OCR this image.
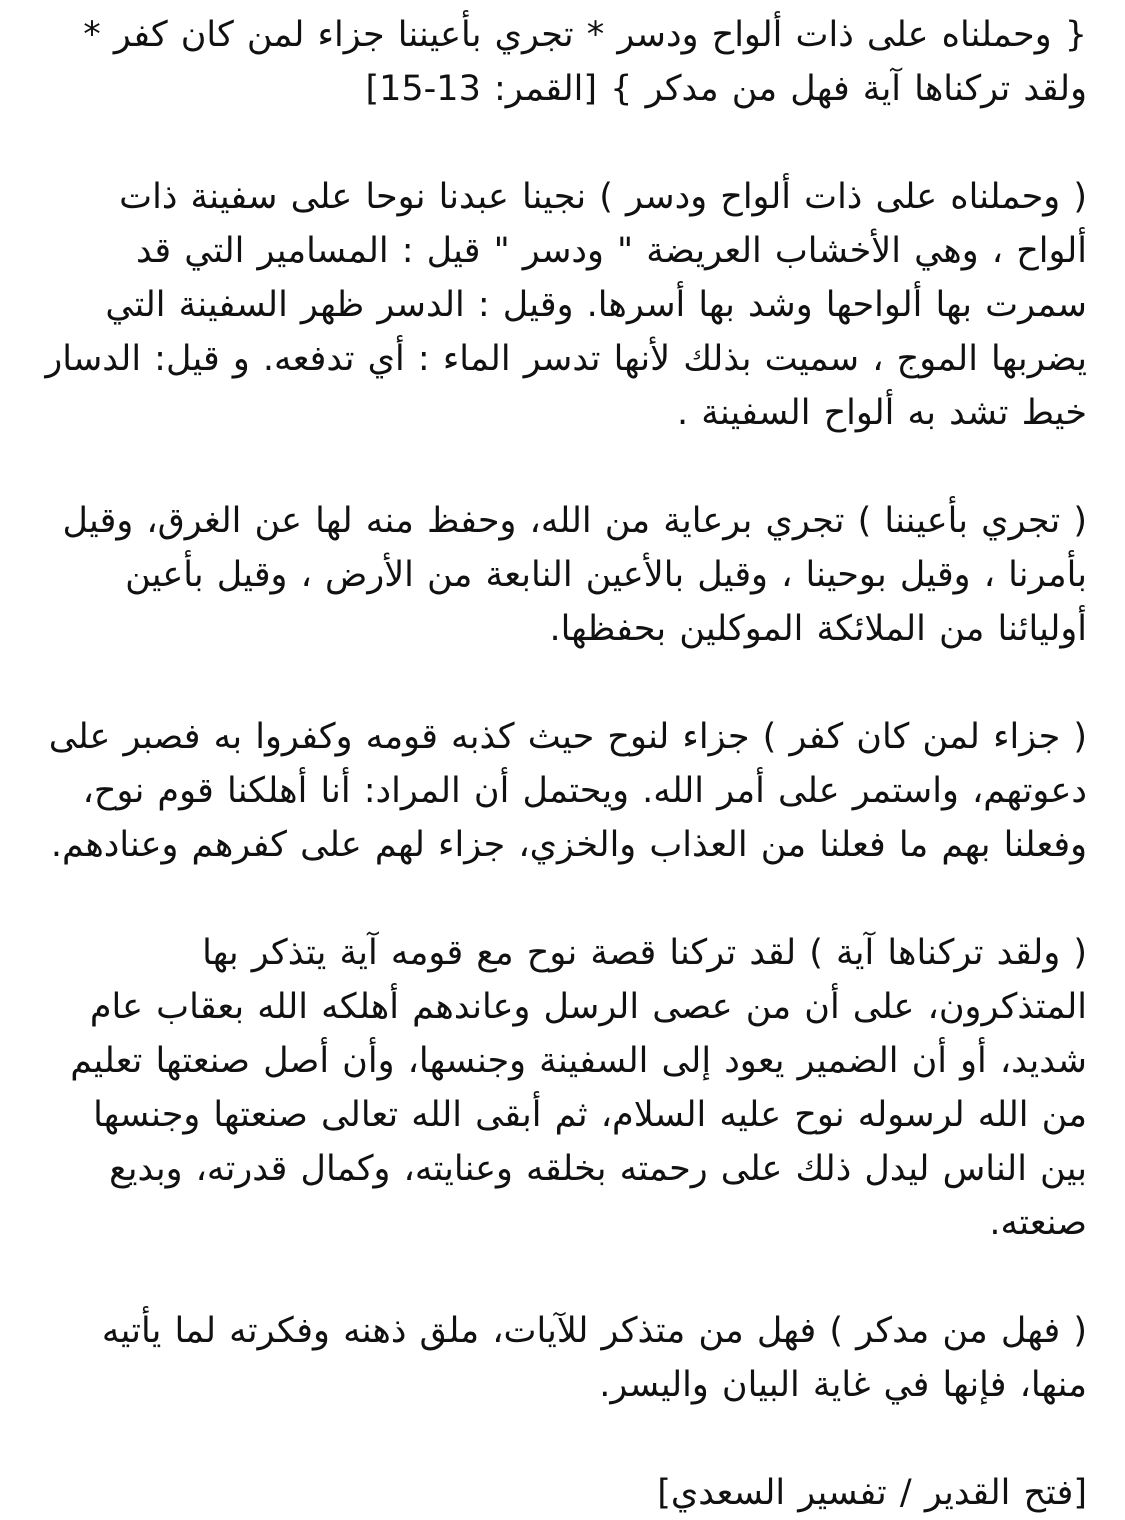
{ وحملناه على ذات ألواح ودسر * تجري بأعيننا جزاء لمن كان كفر * ولقد تركناها آية فهل من مدكر } [القمر: 13-15]

( وحملناه على ذات ألواح ودسر ) نجينا عبدنا نوحا على سفينة ذات ألواح ، وهي الأخشاب العريضة " ودسر " قيل : المسامير التي قد سمرت بها ألواحها وشد بها أسرها. وقيل : الدسر ظهر السفينة التي يضربها الموج ، سميت بذلك لأنها تدسر الماء : أي تدفعه. و قيل: الدسار خيط تشد به ألواح السفينة .

( تجري بأعيننا ) تجري برعاية من الله، وحفظ منه لها عن الغرق، وقيل بأمرنا ، وقيل بوحينا ، وقيل بالأعين النابعة من الأرض ، وقيل بأعين أوليائنا من الملائكة الموكلين بحفظها.

( جزاء لمن كان كفر ) جزاء لنوح حيث كذبه قومه وكفروا به فصبر على دعوتهم، واستمر على أمر الله. ويحتمل أن المراد: أنا أهلكنا قوم نوح، وفعلنا بهم ما فعلنا من العذاب والخزي، جزاء لهم على كفرهم وعنادهم.

( ولقد تركناها آية ) لقد تركنا قصة نوح مع قومه آية يتذكر بها المتذكرون، على أن من عصى الرسل وعاندهم أهلكه الله بعقاب عام شديد، أو أن الضمير يعود إلى السفينة وجنسها، وأن أصل صنعتها تعليم من الله لرسوله نوح عليه السلام، ثم أبقى الله تعالى صنعتها وجنسها بين الناس ليدل ذلك على رحمته بخلقه وعنايته، وكمال قدرته، وبديع صنعته.

( فهل من مدكر ) فهل من متذكر للآيات، ملق ذهنه وفكرته لما يأتيه منها، فإنها في غاية البيان واليسر.

[فتح القدير / تفسير السعدي]
